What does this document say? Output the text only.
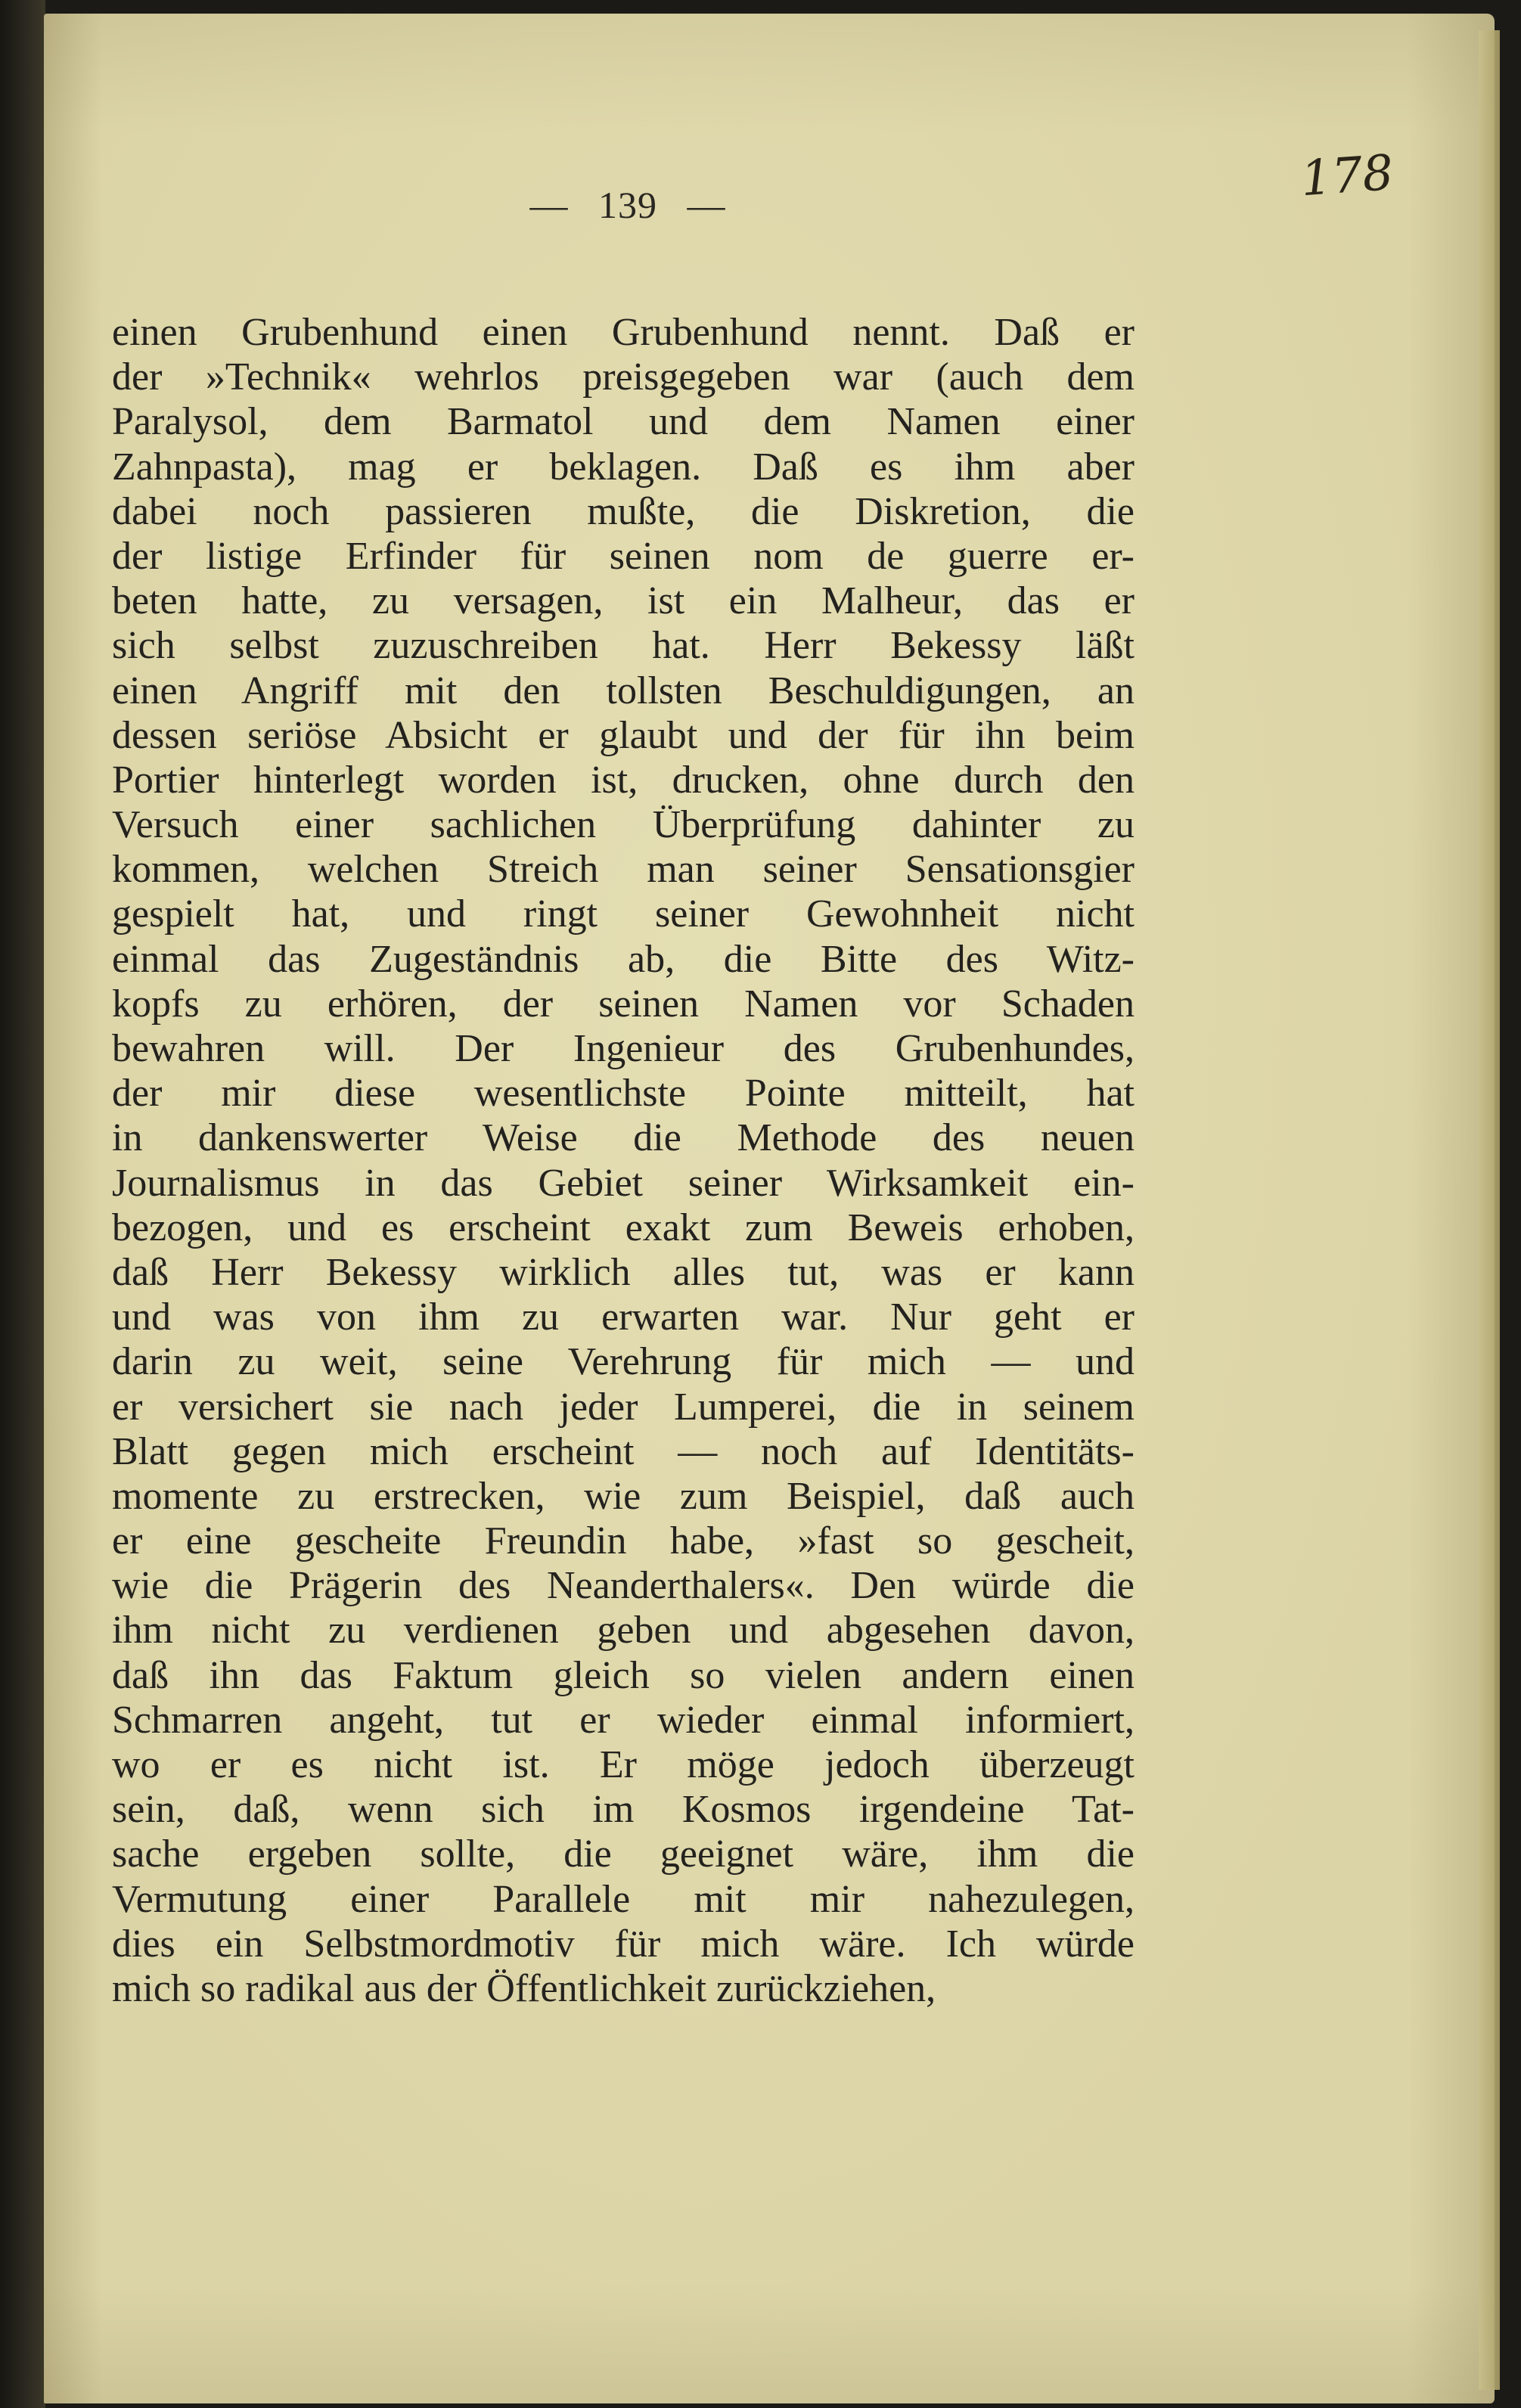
— 139 —	178
einen Grubenhund einen Grubenhund nennt. Daß er
der »Technik« wehrlos preisgegeben war (auch dem
Paralysol, dem Barmatol und dem Namen einer
Zahnpasta), mag er beklagen. Daß es ihm aber
dabei noch passieren mußte, die Diskretion, die
der listige Erfinder für seinen nom de guerre er-
beten hatte, zu versagen, ist ein Malheur, das er
sich selbst zuzuschreiben hat. Herr Bekessy läßt
einen Angriff mit den tollsten Beschuldigungen, an
dessen seriöse Absicht er glaubt und der für ihn beim
Portier hinterlegt worden ist, drucken, ohne durch den
Versuch einer sachlichen Überprüfung dahinter zu
kommen, welchen Streich man seiner Sensationsgier
gespielt hat, und ringt seiner Gewohnheit nicht
einmal das Zugeständnis ab, die Bitte des Witz-
kopfs zu erhören, der seinen Namen vor Schaden
bewahren will. Der Ingenieur des Grubenhundes,
der mir diese wesentlichste Pointe mitteilt, hat
in dankenswerter Weise die Methode des neuen
Journalismus in das Gebiet seiner Wirksamkeit ein-
bezogen, und es erscheint exakt zum Beweis erhoben,
daß Herr Bekessy wirklich alles tut, was er kann
und was von ihm zu erwarten war. Nur geht er
darin zu weit, seine Verehrung für mich — und
er versichert sie nach jeder Lumperei, die in seinem
Blatt gegen mich erscheint — noch auf Identitäts-
momente zu erstrecken, wie zum Beispiel, daß auch
er eine gescheite Freundin habe, »fast so gescheit,
wie die Prägerin des Neanderthalers«. Den würde die
ihm nicht zu verdienen geben und abgesehen davon,
daß ihn das Faktum gleich so vielen andern einen
Schmarren angeht, tut er wieder einmal informiert,
wo er es nicht ist. Er möge jedoch überzeugt
sein, daß, wenn sich im Kosmos irgendeine Tat-
sache ergeben sollte, die geeignet wäre, ihm die
Vermutung einer Parallele mit mir nahezulegen,
dies ein Selbstmordmotiv für mich wäre. Ich würde
mich so radikal aus der Öffentlichkeit zurückziehen,
